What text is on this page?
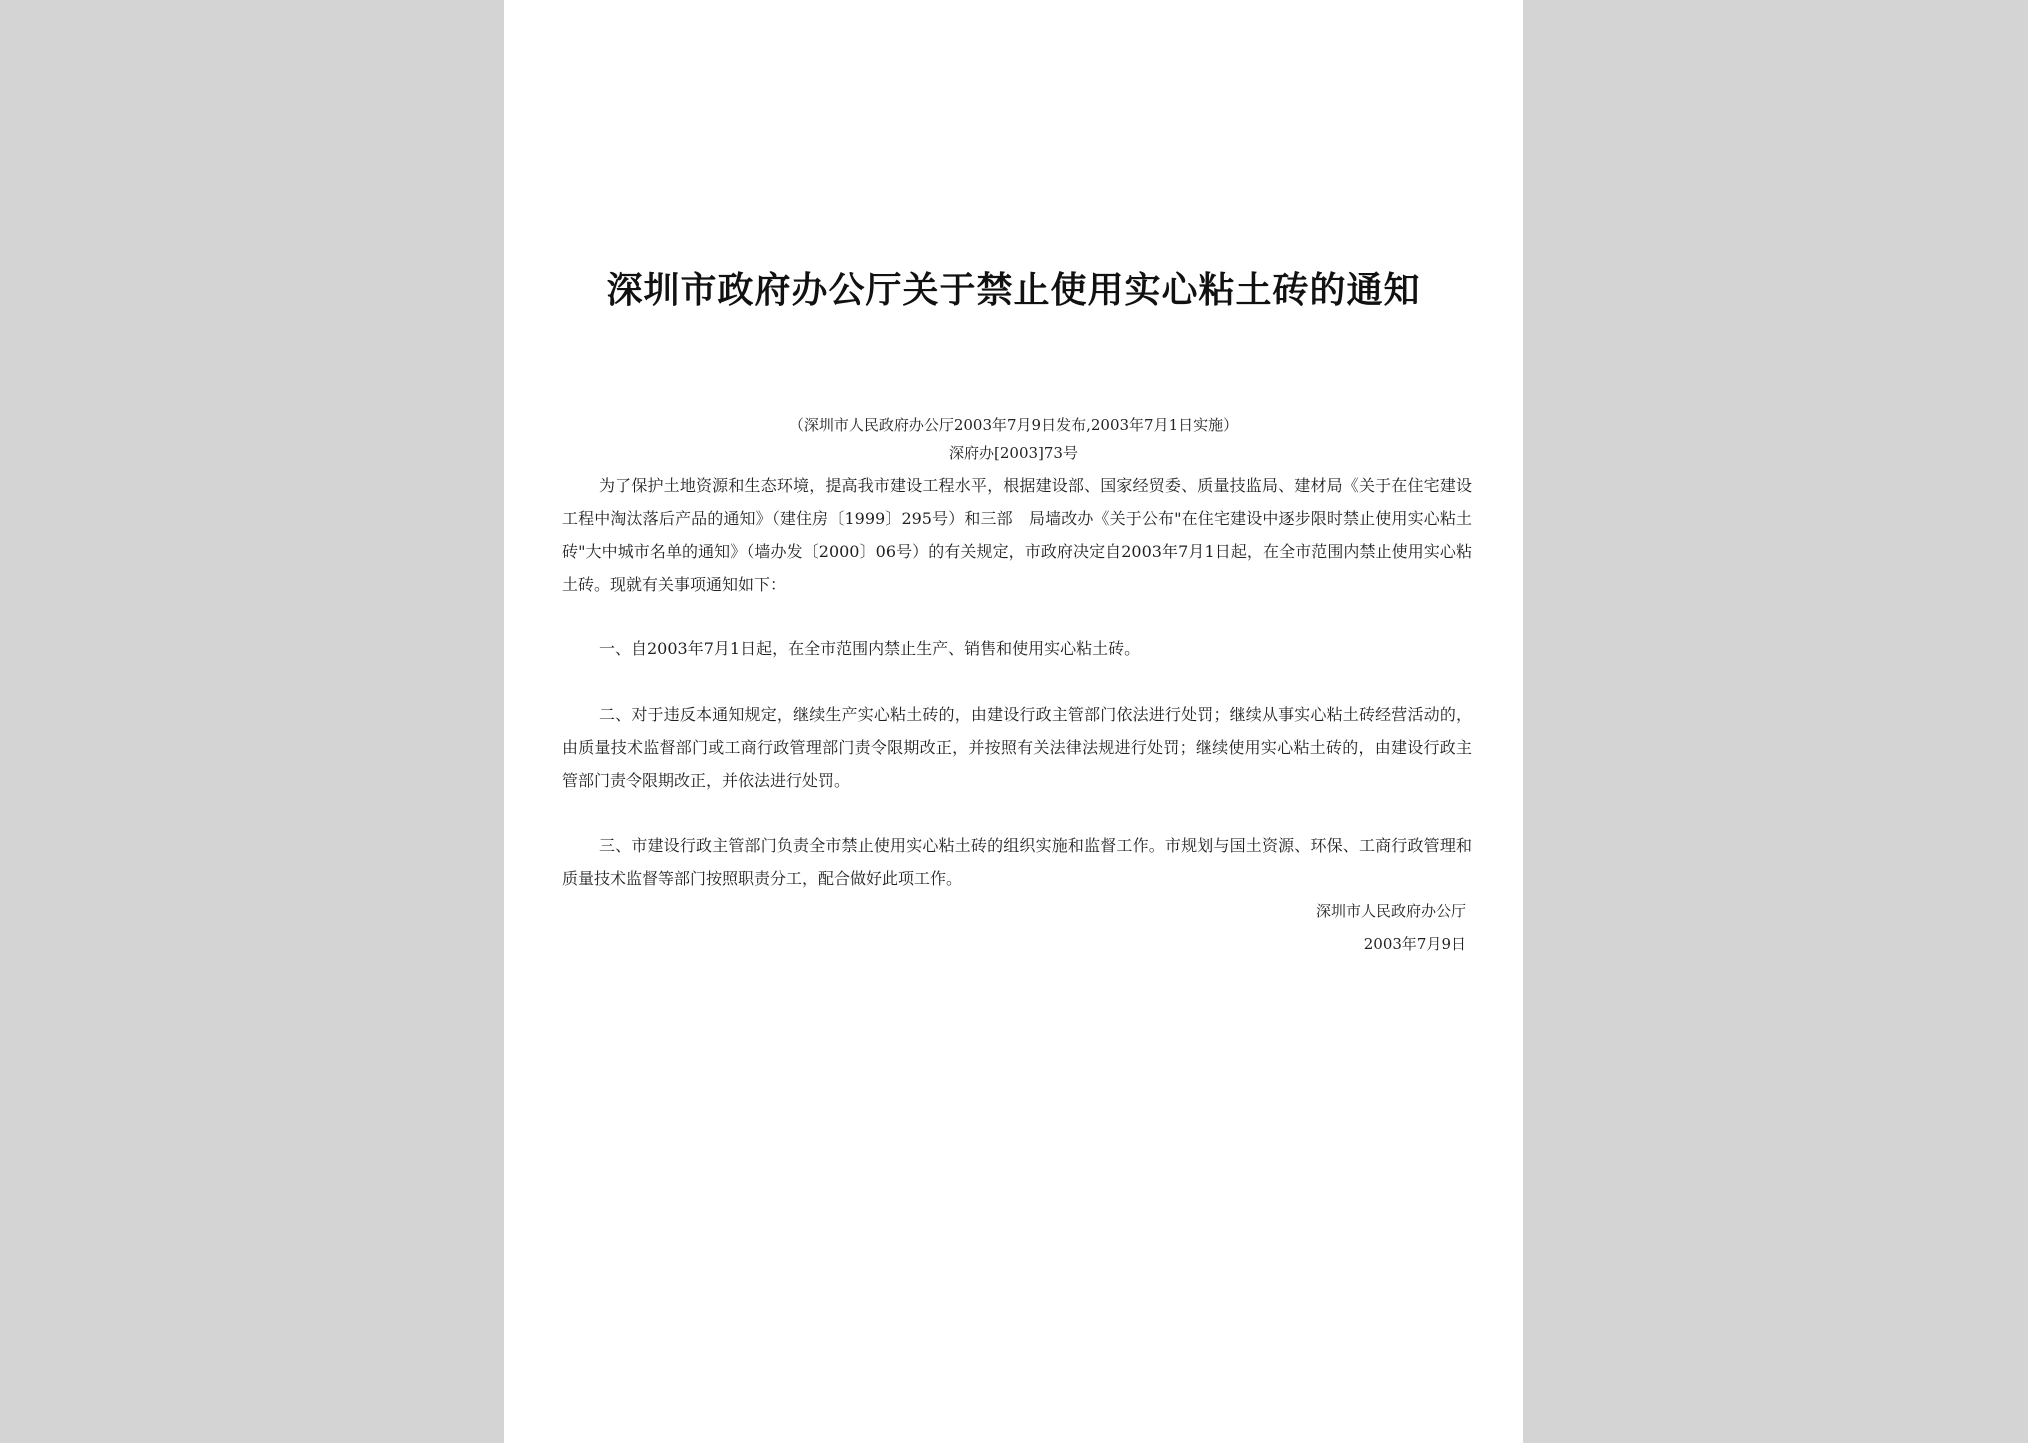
深圳市政府办公厅关于禁止使用实心粘土砖的通知
（深圳市人民政府办公厅2003年7月9日发布,2003年7月1日实施）
深府办[2003]73号

为了保护土地资源和生态环境，提高我市建设工程水平，根据建设部、国家经贸委、质量技监局、建材局《关于在住宅建设工程中淘汰落后产品的通知》（建住房〔1999〕295号）和三部　局墙改办《关于公布"在住宅建设中逐步限时禁止使用实心粘土砖"大中城市名单的通知》（墙办发〔2000〕06号）的有关规定，市政府决定自2003年7月1日起，在全市范围内禁止使用实心粘土砖。现就有关事项通知如下：

一、自2003年7月1日起，在全市范围内禁止生产、销售和使用实心粘土砖。

二、对于违反本通知规定，继续生产实心粘土砖的，由建设行政主管部门依法进行处罚；继续从事实心粘土砖经营活动的，由质量技术监督部门或工商行政管理部门责令限期改正，并按照有关法律法规进行处罚；继续使用实心粘土砖的，由建设行政主管部门责令限期改正，并依法进行处罚。

三、市建设行政主管部门负责全市禁止使用实心粘土砖的组织实施和监督工作。市规划与国土资源、环保、工商行政管理和质量技术监督等部门按照职责分工，配合做好此项工作。

深圳市人民政府办公厅
2003年7月9日
